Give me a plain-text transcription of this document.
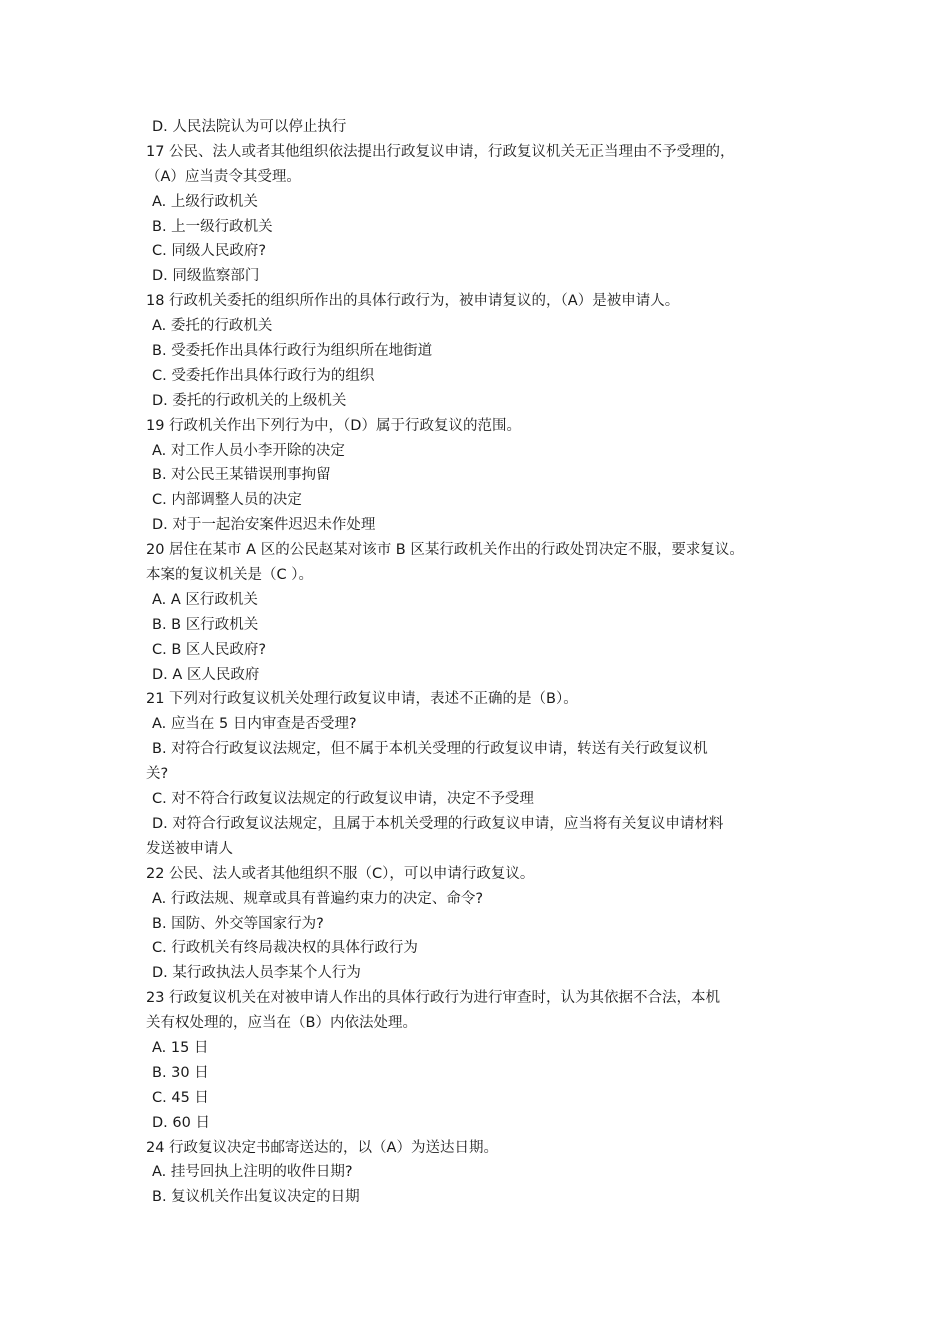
D. 人民法院认为可以停止执行
17 公民、法人或者其他组织依法提出行政复议申请，行政复议机关无正当理由不予受理的，
（A）应当责令其受理。
A. 上级行政机关
B. 上一级行政机关
C. 同级人民政府?
D. 同级监察部门
18 行政机关委托的组织所作出的具体行政行为，被申请复议的，（A）是被申请人。
A. 委托的行政机关
B. 受委托作出具体行政行为组织所在地街道
C. 受委托作出具体行政行为的组织
D. 委托的行政机关的上级机关
19 行政机关作出下列行为中，（D）属于行政复议的范围。
A. 对工作人员小李开除的决定
B. 对公民王某错误刑事拘留
C. 内部调整人员的决定
D. 对于一起治安案件迟迟未作处理
20 居住在某市 A 区的公民赵某对该市 B 区某行政机关作出的行政处罚决定不服，要求复议。
本案的复议机关是（C ）。
A. A 区行政机关
B. B 区行政机关
C. B 区人民政府?
D. A 区人民政府
21 下列对行政复议机关处理行政复议申请，表述不正确的是（B）。
A. 应当在 5 日内审查是否受理?
B. 对符合行政复议法规定，但不属于本机关受理的行政复议申请，转送有关行政复议机
关?
C. 对不符合行政复议法规定的行政复议申请，决定不予受理
D. 对符合行政复议法规定，且属于本机关受理的行政复议申请，应当将有关复议申请材料
发送被申请人
22 公民、法人或者其他组织不服（C），可以申请行政复议。
A. 行政法规、规章或具有普遍约束力的决定、命令?
B. 国防、外交等国家行为?
C. 行政机关有终局裁决权的具体行政行为
D. 某行政执法人员李某个人行为
23 行政复议机关在对被申请人作出的具体行政行为进行审查时，认为其依据不合法，本机
关有权处理的，应当在（B）内依法处理。
A. 15 日
B. 30 日
C. 45 日
D. 60 日
24 行政复议决定书邮寄送达的，以（A）为送达日期。
A. 挂号回执上注明的收件日期?
B. 复议机关作出复议决定的日期
